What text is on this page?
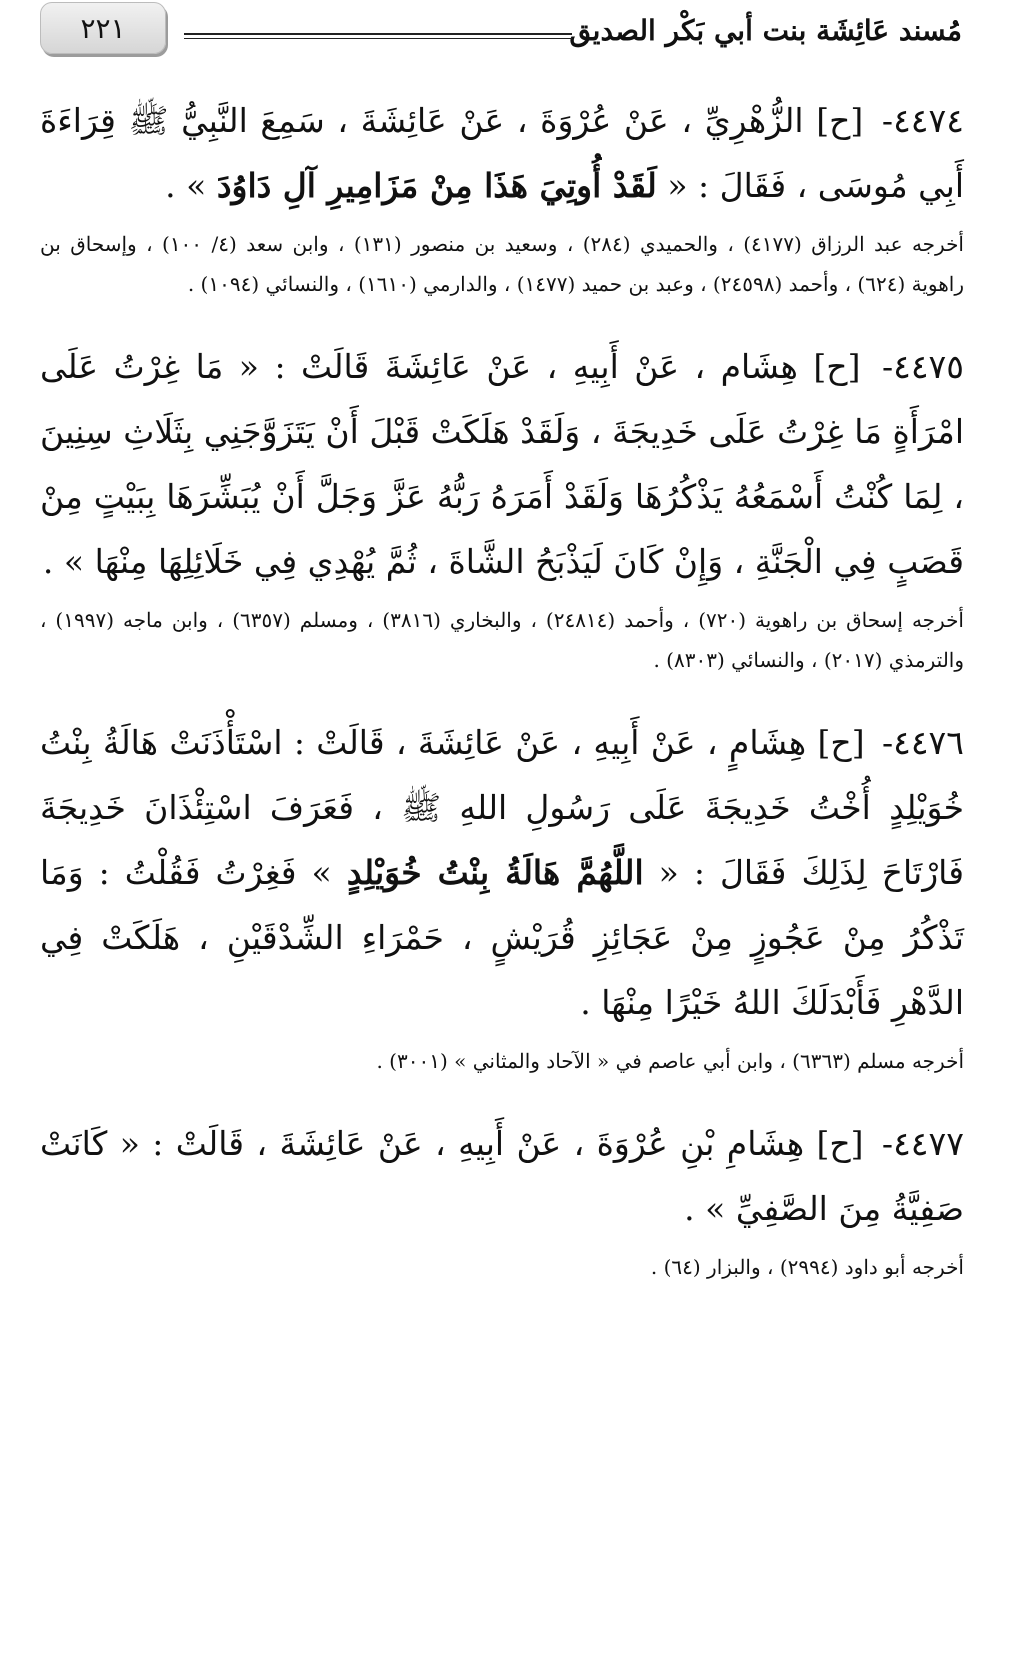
مُسند عَائِشَة بنت أبي بَكْر الصديق
٢٢١

٤٤٧٤- [ح] الزُّهْرِيِّ ، عَنْ عُرْوَةَ ، عَنْ عَائِشَةَ ، سَمِعَ النَّبِيُّ ﷺ قِرَاءَةَ أَبِي مُوسَى ، فَقَالَ : « لَقَدْ أُوتِيَ هَذَا مِنْ مَزَامِيرِ آلِ دَاوُدَ » .

أخرجه عبد الرزاق (٤١٧٧) ، والحميدي (٢٨٤) ، وسعيد بن منصور (١٣١) ، وابن سعد (٤/ ١٠٠) ، وإسحاق بن راهوية (٦٢٤) ، وأحمد (٢٤٥٩٨) ، وعبد بن حميد (١٤٧٧) ، والدارمي (١٦١٠) ، والنسائي (١٠٩٤) .

٤٤٧٥- [ح] هِشَام ، عَنْ أَبِيهِ ، عَنْ عَائِشَةَ قَالَتْ : « مَا غِرْتُ عَلَى امْرَأَةٍ مَا غِرْتُ عَلَى خَدِيجَةَ ، وَلَقَدْ هَلَكَتْ قَبْلَ أَنْ يَتَزَوَّجَنِي بِثَلَاثِ سِنِينَ ، لِمَا كُنْتُ أَسْمَعُهُ يَذْكُرُهَا وَلَقَدْ أَمَرَهُ رَبُّهُ عَزَّ وَجَلَّ أَنْ يُبَشِّرَهَا بِبَيْتٍ مِنْ قَصَبٍ فِي الْجَنَّةِ ، وَإِنْ كَانَ لَيَذْبَحُ الشَّاةَ ، ثُمَّ يُهْدِي فِي خَلَائِلِهَا مِنْهَا » .

أخرجه إسحاق بن راهوية (٧٢٠) ، وأحمد (٢٤٨١٤) ، والبخاري (٣٨١٦) ، ومسلم (٦٣٥٧) ، وابن ماجه (١٩٩٧) ، والترمذي (٢٠١٧) ، والنسائي (٨٣٠٣) .

٤٤٧٦- [ح] هِشَامٍ ، عَنْ أَبِيهِ ، عَنْ عَائِشَةَ ، قَالَتْ : اسْتَأْذَنَتْ هَالَةُ بِنْتُ خُوَيْلِدٍ أُخْتُ خَدِيجَةَ عَلَى رَسُولِ اللهِ ﷺ ، فَعَرَفَ اسْتِئْذَانَ خَدِيجَةَ فَارْتَاحَ لِذَلِكَ فَقَالَ : « اللَّهُمَّ هَالَةُ بِنْتُ خُوَيْلِدٍ » فَغِرْتُ فَقُلْتُ : وَمَا تَذْكُرُ مِنْ عَجُوزٍ مِنْ عَجَائِزِ قُرَيْشٍ ، حَمْرَاءِ الشِّدْقَيْنِ ، هَلَكَتْ فِي الدَّهْرِ فَأَبْدَلَكَ اللهُ خَيْرًا مِنْهَا .

أخرجه مسلم (٦٣٦٣) ، وابن أبي عاصم في « الآحاد والمثاني » (٣٠٠١) .

٤٤٧٧- [ح] هِشَامِ بْنِ عُرْوَةَ ، عَنْ أَبِيهِ ، عَنْ عَائِشَةَ ، قَالَتْ : « كَانَتْ صَفِيَّةُ مِنَ الصَّفِيِّ » .

أخرجه أبو داود (٢٩٩٤) ، والبزار (٦٤) .
